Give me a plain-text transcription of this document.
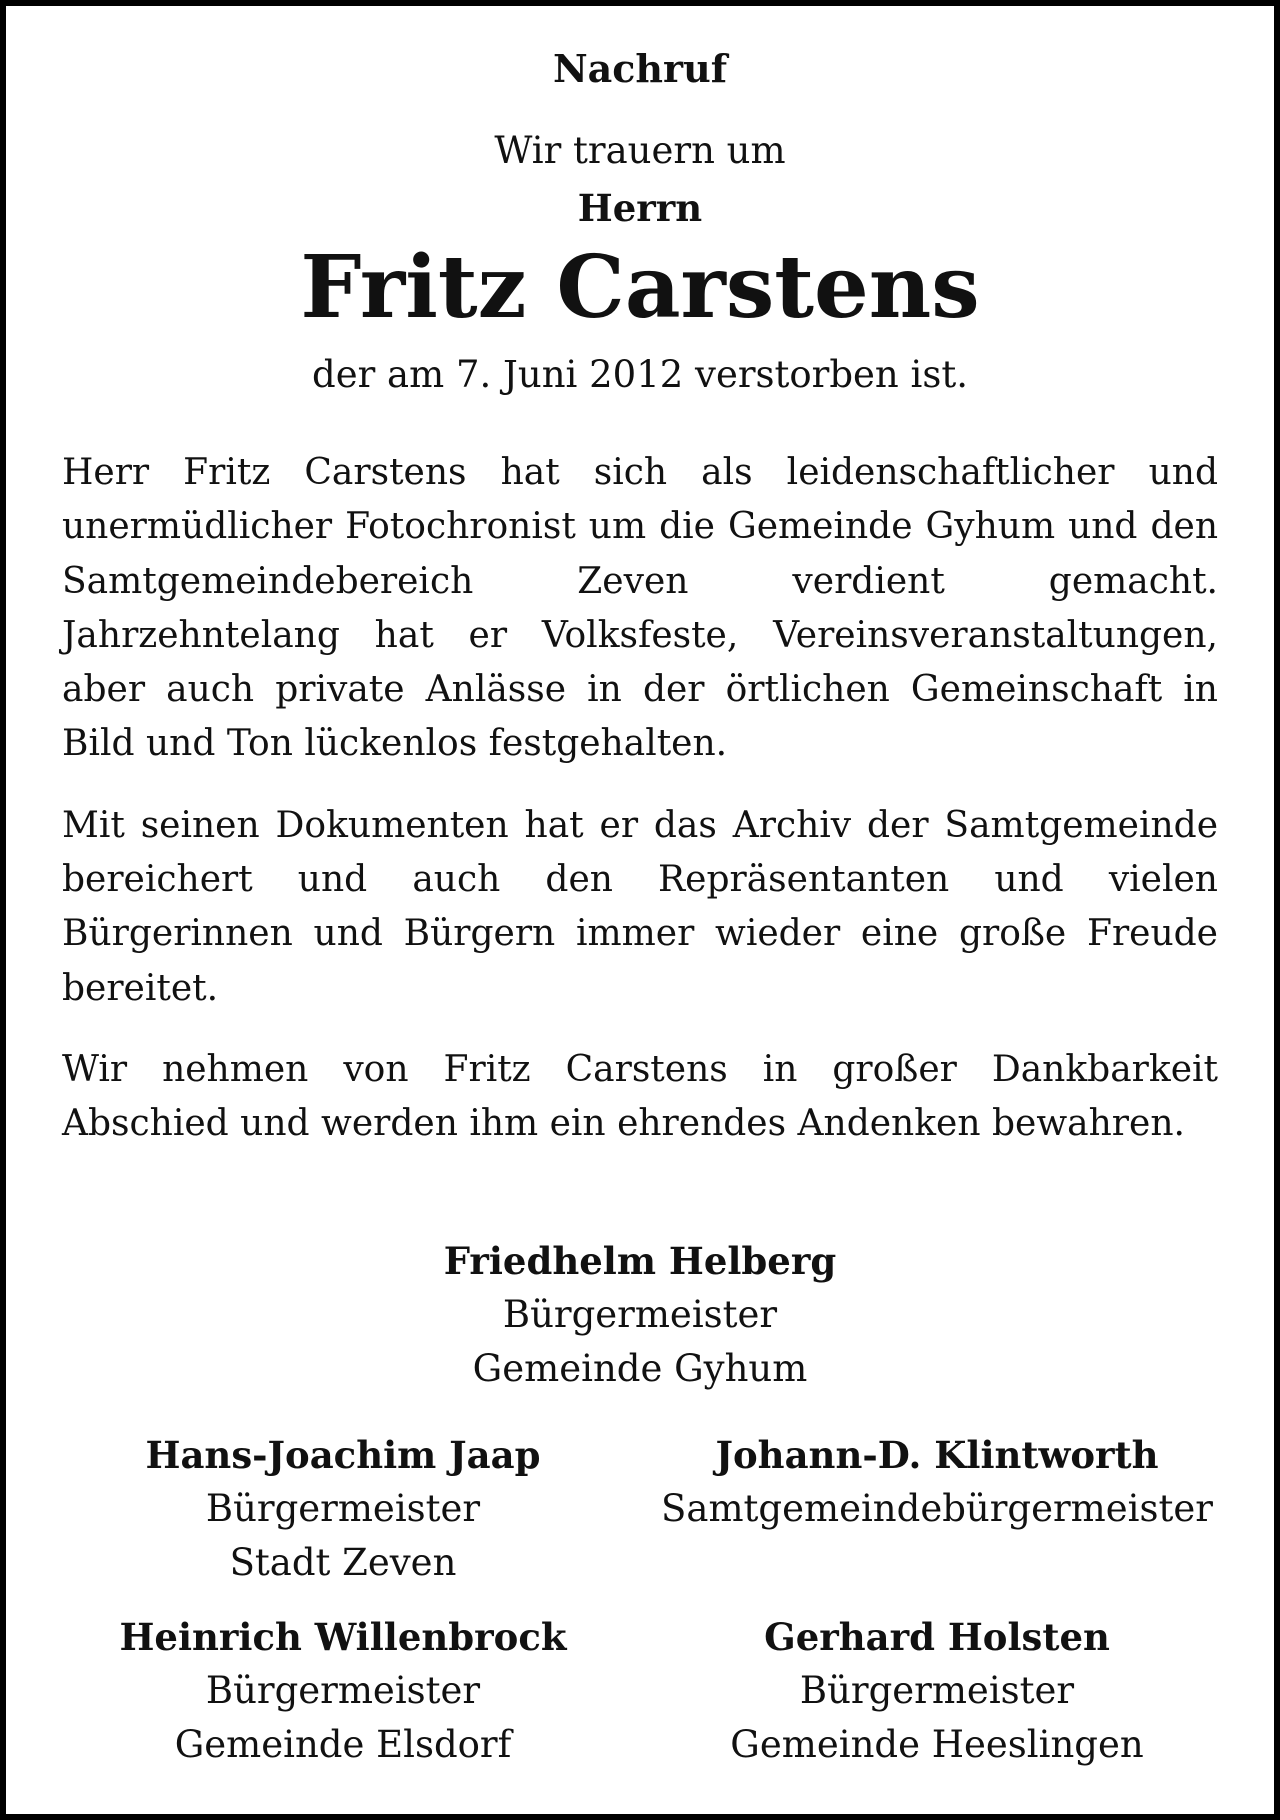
Nachruf
Wir trauern um
Herrn
Fritz Carstens
der am 7. Juni 2012 verstorben ist.

Herr Fritz Carstens hat sich als leidenschaftlicher und unermüdlicher Fotochronist um die Gemeinde Gyhum und den Samtgemeindebereich Zeven verdient gemacht. Jahrzehntelang hat er Volksfeste, Vereinsveranstaltungen, aber auch private Anlässe in der örtlichen Gemeinschaft in Bild und Ton lückenlos festgehalten.

Mit seinen Dokumenten hat er das Archiv der Samtgemeinde bereichert und auch den Repräsentanten und vielen Bürgerinnen und Bürgern immer wieder eine große Freude bereitet.

Wir nehmen von Fritz Carstens in großer Dankbarkeit Abschied und werden ihm ein ehrendes Andenken bewahren.

Friedhelm Helberg
Bürgermeister
Gemeinde Gyhum
Hans-Joachim Jaap
Bürgermeister
Stadt Zeven
Johann-D. Klintworth
Samtgemeindebürgermeister
Heinrich Willenbrock
Bürgermeister
Gemeinde Elsdorf
Gerhard Holsten
Bürgermeister
Gemeinde Heeslingen
